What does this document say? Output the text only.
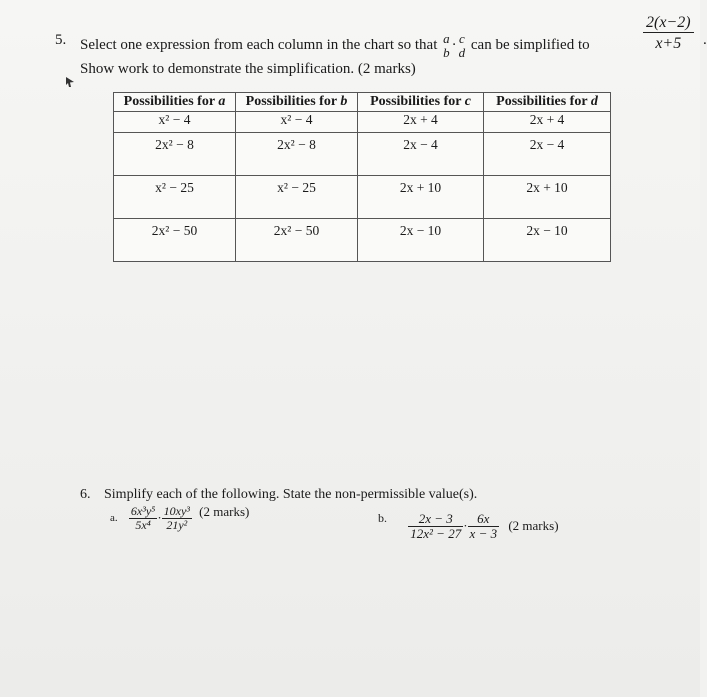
5. Select one expression from each column in the chart so that a
b · c
d can be simplified to	$\frac{2(x-2)}{x+5}$ .
Show work to demonstrate the simplification. (2 marks)
Possibilities for a	Possibilities for b	Possibilities for c	Possibilities for d
x² − 4	x² − 4	2x + 4	2x + 4
2x² − 8	2x² − 8	2x − 4	2x − 4
x² − 25	x² − 25	2x + 10	2x + 10
2x² − 50	2x² − 50	2x − 10	2x − 10
6. Simplify each of the following. State the non-permissible value(s).
a. $\frac{\text{6x³y⁵}}{\text{5x⁴}} \cdot \frac{\text{10xy³}}{\text{21y²}} (2$ marks)	b. $\frac{2x - 3}{\text{12x² − 27}} \cdot \frac{6x}{x - 3} (2$ marks)
